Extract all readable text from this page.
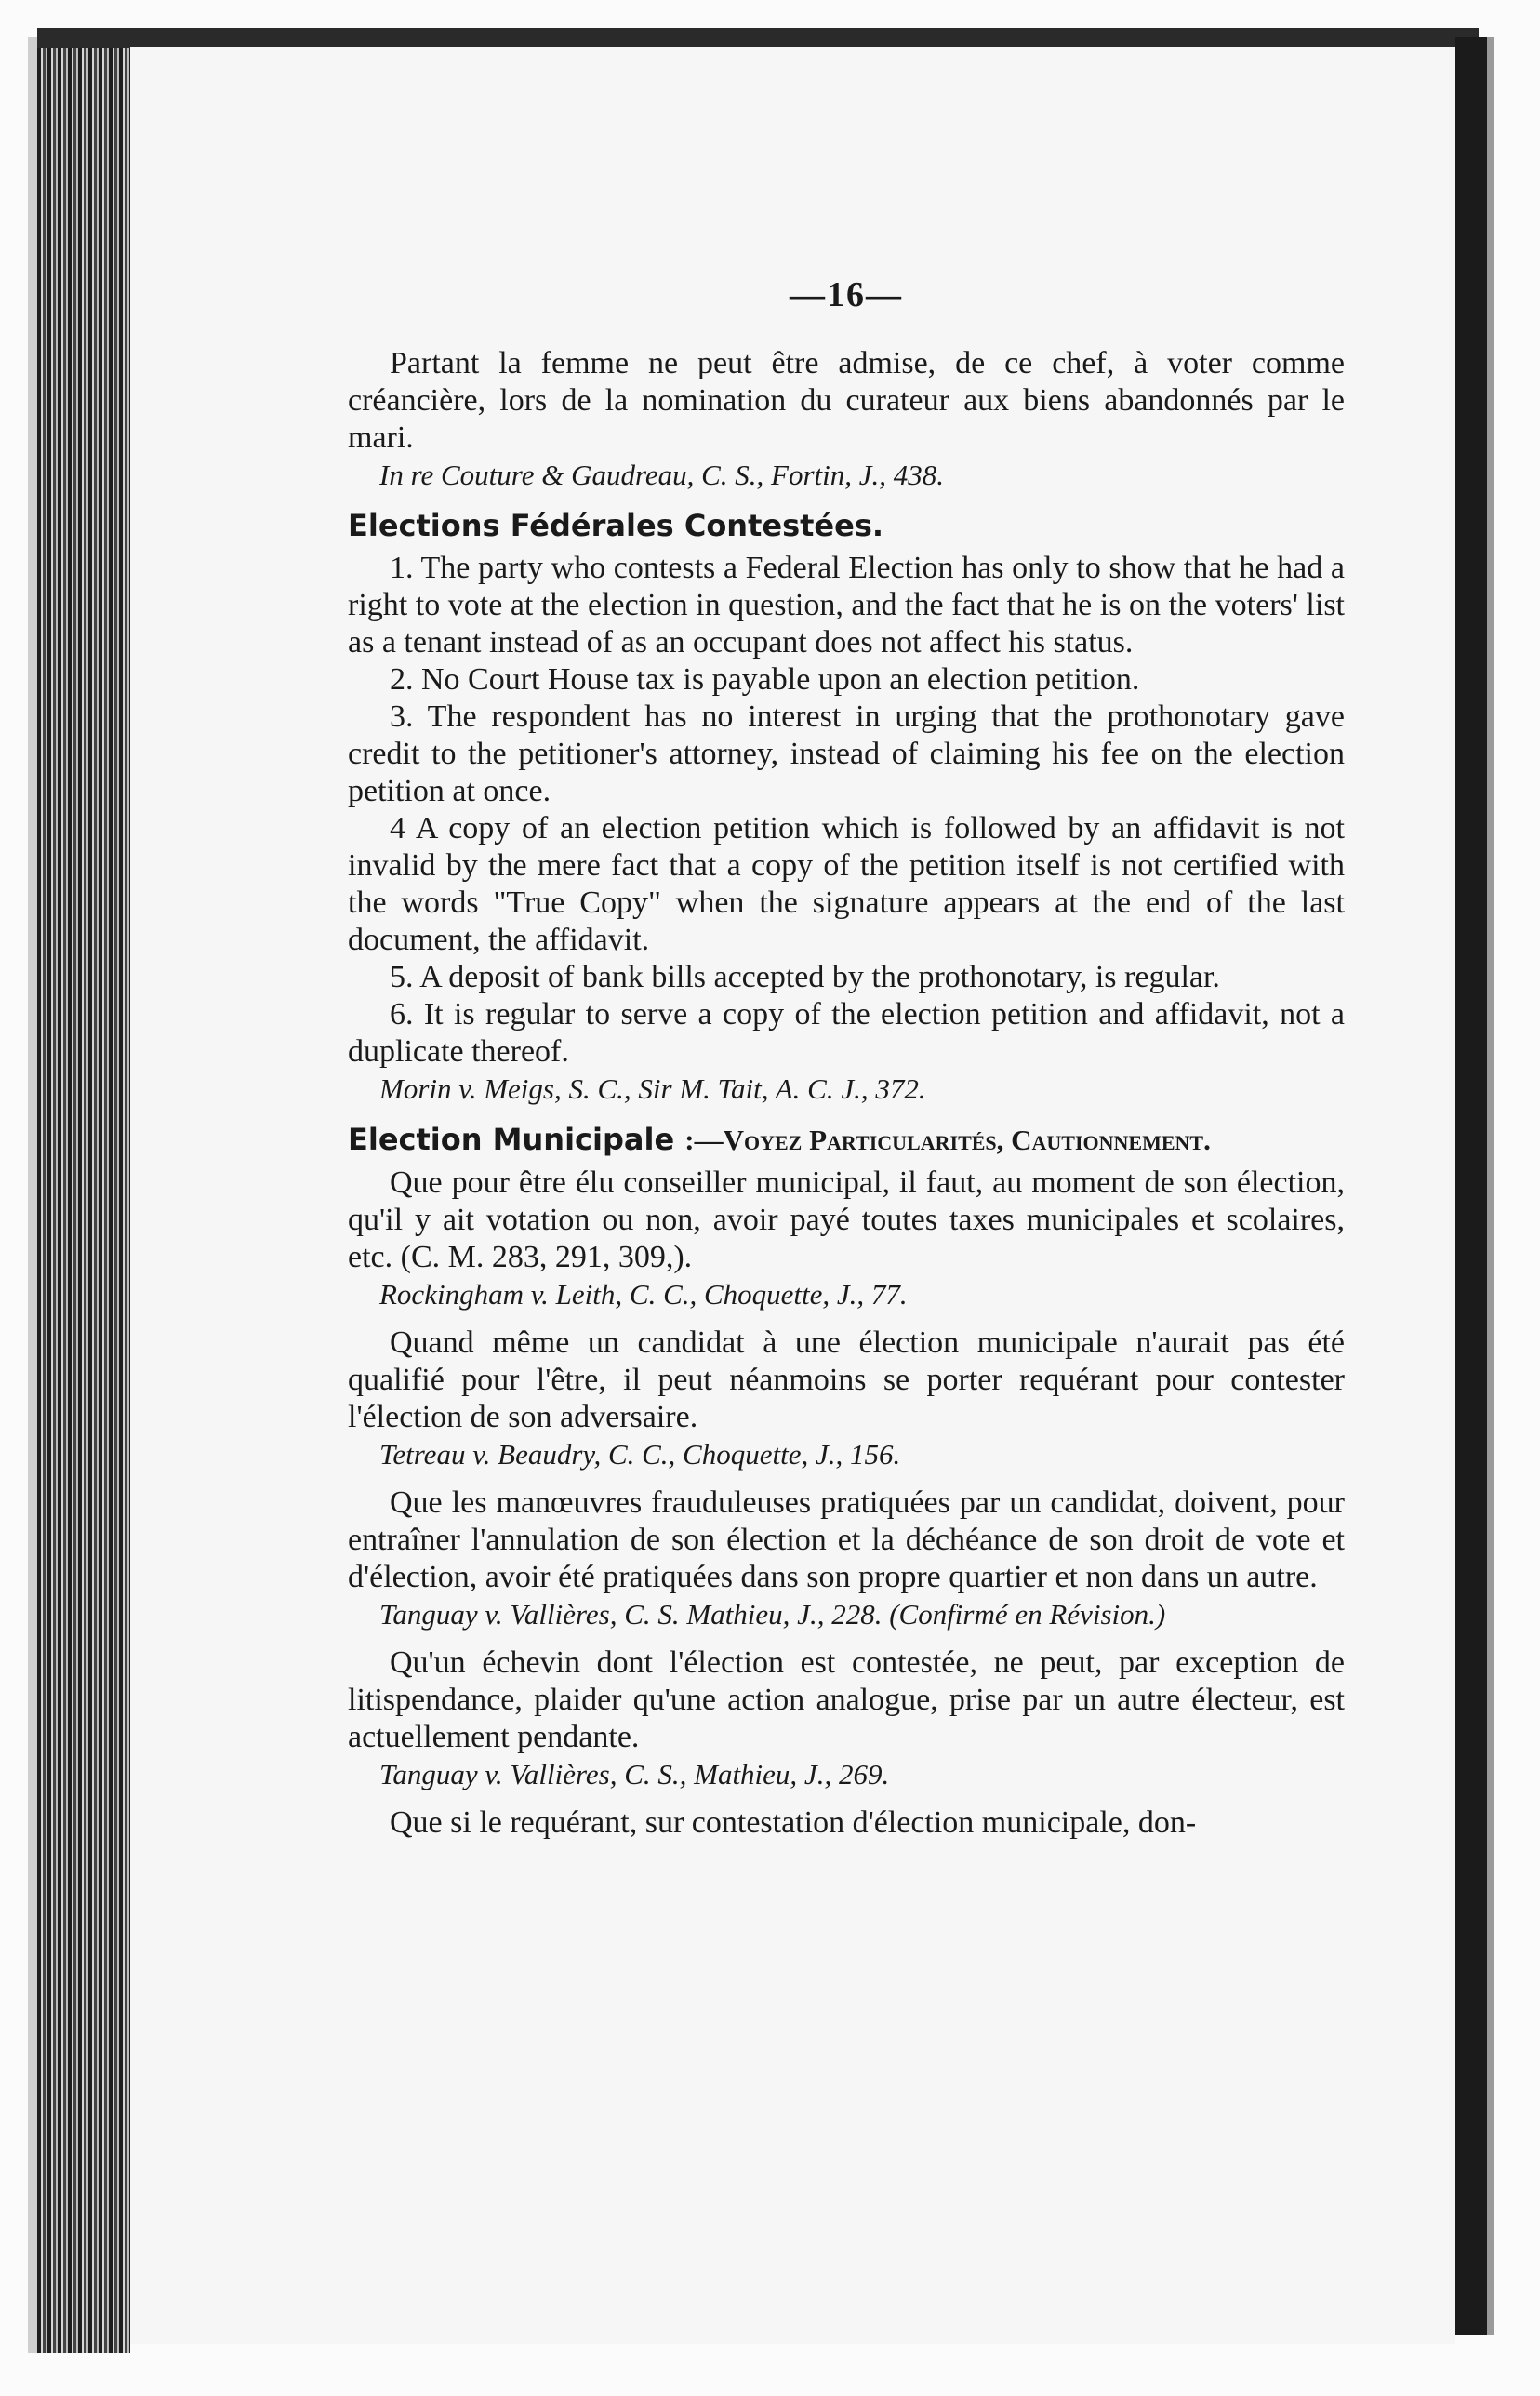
—16—

Partant la femme ne peut être admise, de ce chef, à voter comme créancière, lors de la nomination du curateur aux biens abandonnés par le mari.

In re Couture & Gaudreau, C. S., Fortin, J., 438.

Elections Fédérales Contestées.

1. The party who contests a Federal Election has only to show that he had a right to vote at the election in question, and the fact that he is on the voters' list as a tenant instead of as an occupant does not affect his status.

2. No Court House tax is payable upon an election petition.

3. The respondent has no interest in urging that the prothonotary gave credit to the petitioner's attorney, instead of claiming his fee on the election petition at once.

4 A copy of an election petition which is followed by an affidavit is not invalid by the mere fact that a copy of the petition itself is not certified with the words "True Copy" when the signature appears at the end of the last document, the affidavit.

5. A deposit of bank bills accepted by the prothonotary, is regular.

6. It is regular to serve a copy of the election petition and affidavit, not a duplicate thereof.

Morin v. Meigs, S. C., Sir M. Tait, A. C. J., 372.

Election Municipale :—Voyez Particularités, Cautionnement.

Que pour être élu conseiller municipal, il faut, au moment de son élection, qu'il y ait votation ou non, avoir payé toutes taxes municipales et scolaires, etc. (C. M. 283, 291, 309,).

Rockingham v. Leith, C. C., Choquette, J., 77.

Quand même un candidat à une élection municipale n'aurait pas été qualifié pour l'être, il peut néanmoins se porter requérant pour contester l'élection de son adversaire.

Tetreau v. Beaudry, C. C., Choquette, J., 156.

Que les manœuvres frauduleuses pratiquées par un candidat, doivent, pour entraîner l'annulation de son élection et la déchéance de son droit de vote et d'élection, avoir été pratiquées dans son propre quartier et non dans un autre.

Tanguay v. Vallières, C. S. Mathieu, J., 228. (Confirmé en Révision.)

Qu'un échevin dont l'élection est contestée, ne peut, par exception de litispendance, plaider qu'une action analogue, prise par un autre électeur, est actuellement pendante.

Tanguay v. Vallières, C. S., Mathieu, J., 269.

Que si le requérant, sur contestation d'élection municipale, don-
